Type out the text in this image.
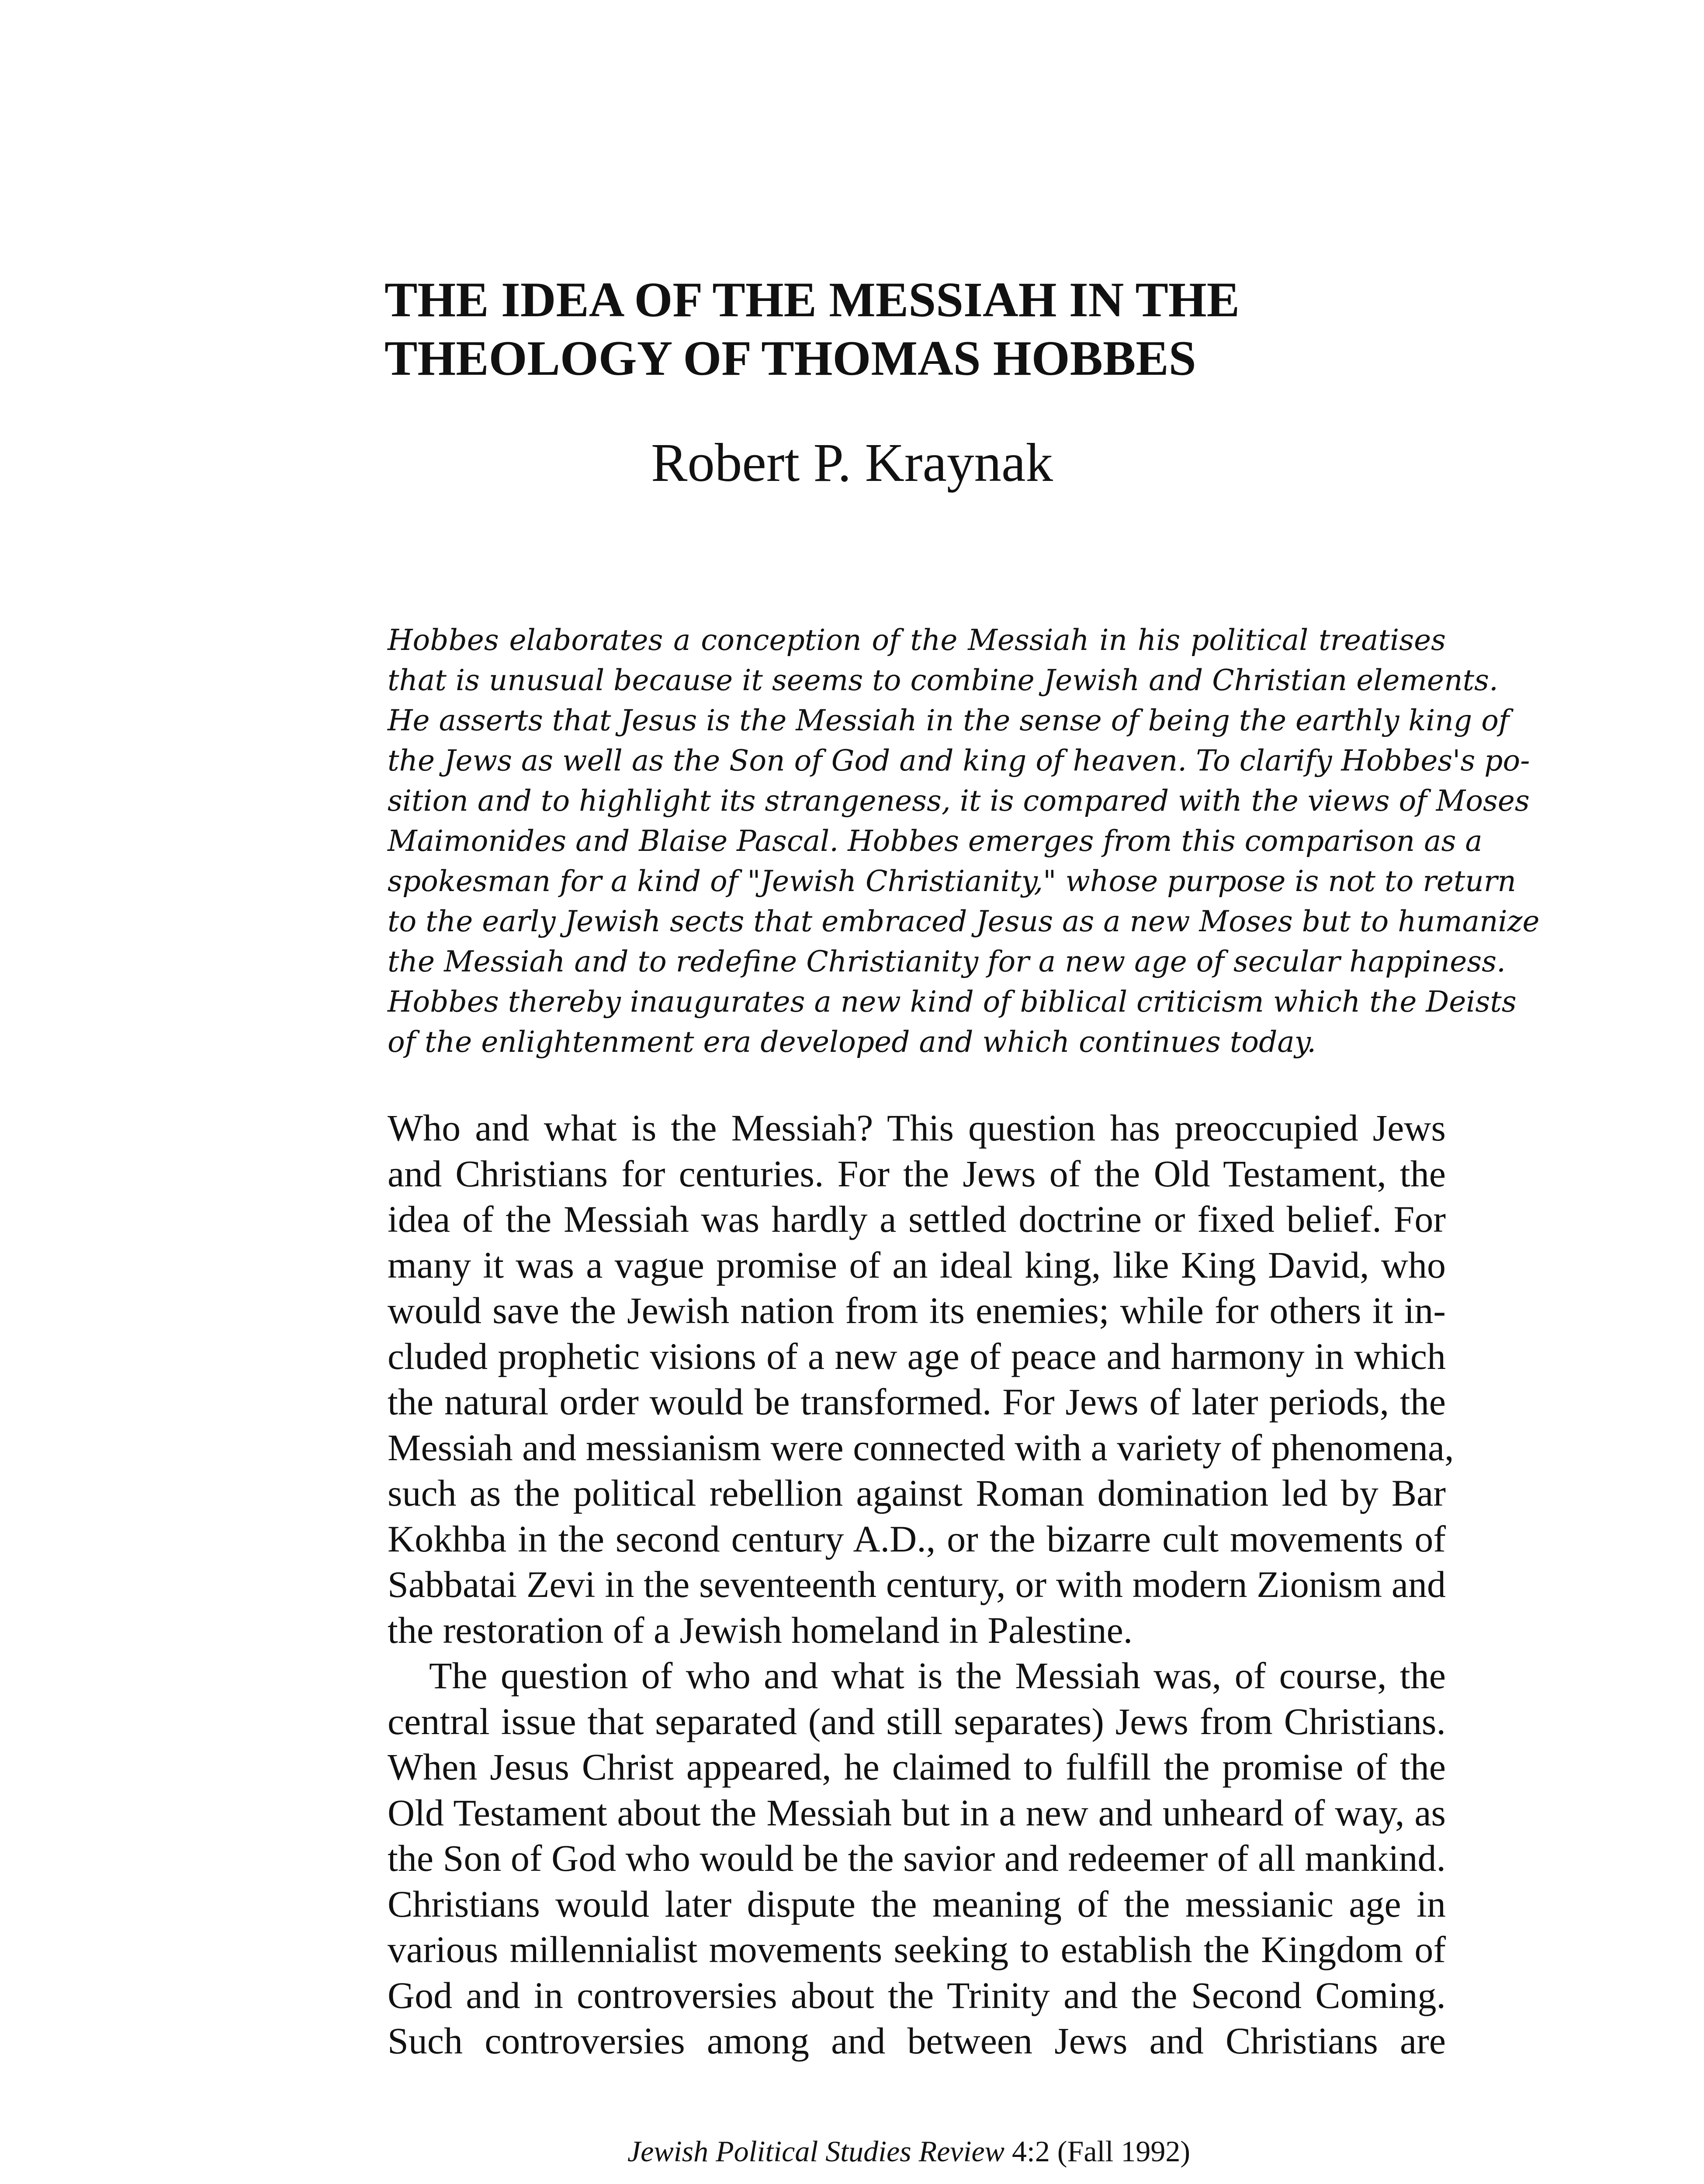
THE IDEA OF THE MESSIAH IN THE
THEOLOGY OF THOMAS HOBBES
Robert P. Kraynak
Hobbes elaborates a conception of the Messiah in his political treatises
that is unusual because it seems to combine Jewish and Christian elements.
He asserts that Jesus is the Messiah in the sense of being the earthly king of
the Jews as well as the Son of God and king of heaven. To clarify Hobbes's po-
sition and to highlight its strangeness, it is compared with the views of Moses
Maimonides and Blaise Pascal. Hobbes emerges from this comparison as a
spokesman for a kind of "Jewish Christianity," whose purpose is not to return
to the early Jewish sects that embraced Jesus as a new Moses but to humanize
the Messiah and to redefine Christianity for a new age of secular happiness.
Hobbes thereby inaugurates a new kind of biblical criticism which the Deists
of the enlightenment era developed and which continues today.

Who and what is the Messiah? This question has preoccupied Jews
and Christians for centuries. For the Jews of the Old Testament, the
idea of the Messiah was hardly a settled doctrine or fixed belief. For
many it was a vague promise of an ideal king, like King David, who
would save the Jewish nation from its enemies; while for others it in-
cluded prophetic visions of a new age of peace and harmony in which
the natural order would be transformed. For Jews of later periods, the
Messiah and messianism were connected with a variety of phenomena,
such as the political rebellion against Roman domination led by Bar
Kokhba in the second century A.D., or the bizarre cult movements of
Sabbatai Zevi in the seventeenth century, or with modern Zionism and
the restoration of a Jewish homeland in Palestine.

The question of who and what is the Messiah was, of course, the
central issue that separated (and still separates) Jews from Christians.
When Jesus Christ appeared, he claimed to fulfill the promise of the
Old Testament about the Messiah but in a new and unheard of way, as
the Son of God who would be the savior and redeemer of all mankind.
Christians would later dispute the meaning of the messianic age in
various millennialist movements seeking to establish the Kingdom of
God and in controversies about the Trinity and the Second Coming.
Such controversies among and between Jews and Christians are

Jewish Political Studies Review 4:2 (Fall 1992)
